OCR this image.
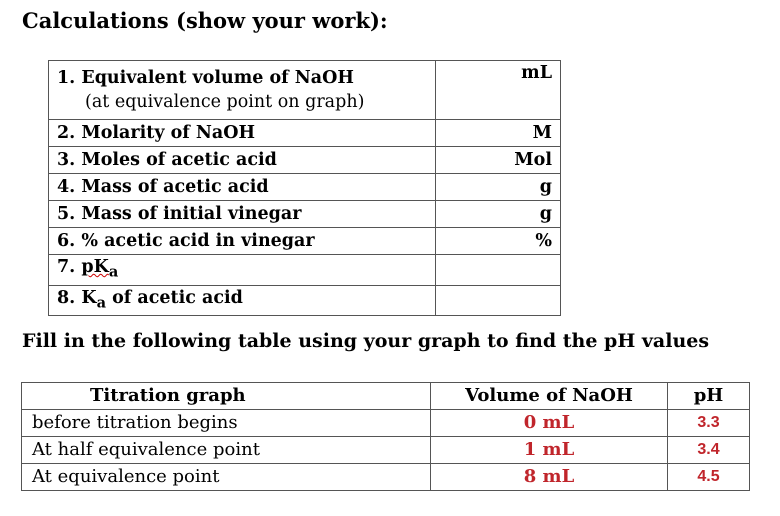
Calculations (show your work):
1. Equivalent volume of NaOH
(at equivalence point on graph)	mL
2. Molarity of NaOH	M
3. Moles of acetic acid	Mol
4. Mass of acetic acid	g
5. Mass of initial vinegar	g
6. % acetic acid in vinegar	%
7. $pK_a$	
8. $K_a$ of acetic acid	
Fill in the following table using your graph to find the pH values
Titration graph	Volume of NaOH	pH
before titration begins	0 mL	3.3
At half equivalence point	1 mL	3.4
At equivalence point	8 mL	4.5
